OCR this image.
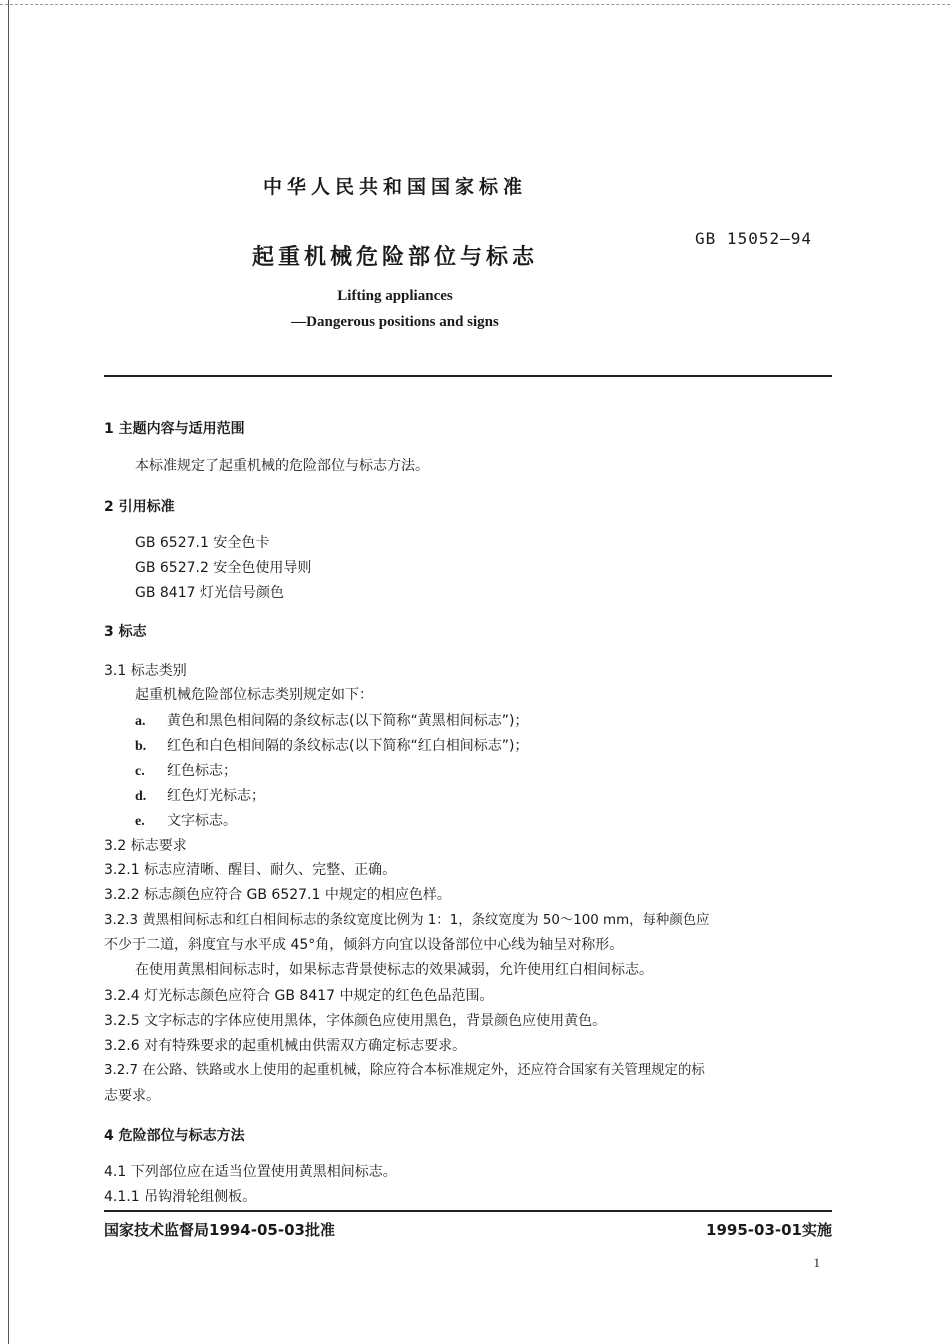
中华人民共和国国家标准
GB 15052—94
起重机械危险部位与标志
Lifting appliances
—Dangerous positions and signs
1 主题内容与适用范围
本标准规定了起重机械的危险部位与标志方法。
2 引用标准
GB 6527.1 安全色卡
GB 6527.2 安全色使用导则
GB 8417 灯光信号颜色
3 标志
3.1 标志类别
起重机械危险部位标志类别规定如下：
a. 黄色和黑色相间隔的条纹标志(以下简称“黄黑相间标志”)；
b. 红色和白色相间隔的条纹标志(以下简称“红白相间标志”)；
c. 红色标志；
d. 红色灯光标志；
e. 文字标志。
3.2 标志要求
3.2.1 标志应清晰、醒目、耐久、完整、正确。
3.2.2 标志颜色应符合 GB 6527.1 中规定的相应色样。
3.2.3 黄黑相间标志和红白相间标志的条纹宽度比例为 1：1，条纹宽度为 50～100 mm，每种颜色应
不少于二道，斜度宜与水平成 45°角，倾斜方向宜以设备部位中心线为轴呈对称形。
在使用黄黑相间标志时，如果标志背景使标志的效果减弱，允许使用红白相间标志。
3.2.4 灯光标志颜色应符合 GB 8417 中规定的红色色品范围。
3.2.5 文字标志的字体应使用黑体，字体颜色应使用黑色，背景颜色应使用黄色。
3.2.6 对有特殊要求的起重机械由供需双方确定标志要求。
3.2.7 在公路、铁路或水上使用的起重机械，除应符合本标准规定外，还应符合国家有关管理规定的标
志要求。
4 危险部位与标志方法
4.1 下列部位应在适当位置使用黄黑相间标志。
4.1.1 吊钩滑轮组侧板。
国家技术监督局1994-05-03批准	1995-03-01实施
1
